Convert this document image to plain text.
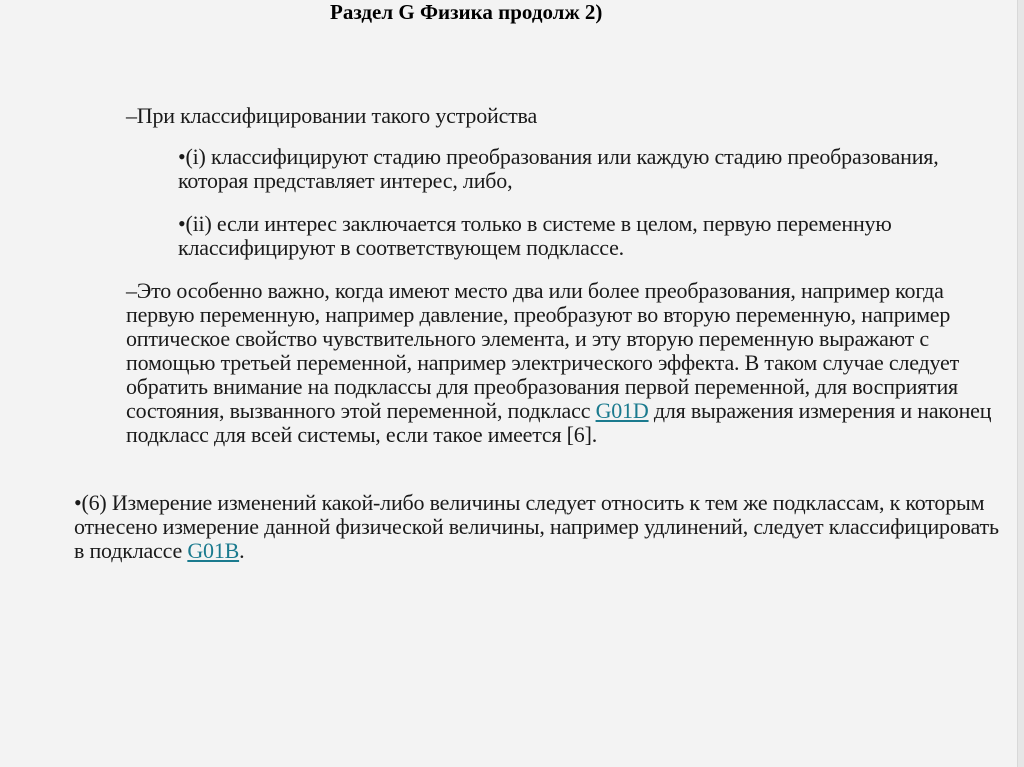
Раздел G Физика продолж 2)
–При классифицировании такого устройства
•(i) классифицируют стадию преобразования или каждую стадию преобразования, которая представляет интерес, либо,
•(ii) если интерес заключается только в системе в целом, первую переменную классифицируют в соответствующем подклассе.
–Это особенно важно, когда имеют место два или более преобразования, например когда первую переменную, например давление, преобразуют во вторую переменную, например оптическое свойство чувствительного элемента, и эту вторую переменную выражают с помощью третьей переменной, например электрического эффекта. В таком случае следует обратить внимание на подклассы для преобразования первой переменной, для восприятия состояния, вызванного этой переменной, подкласс G01D для выражения измерения и наконец подкласс для всей системы, если такое имеется [6].
•(6) Измерение изменений какой-либо величины следует относить к тем же подклассам, к которым отнесено измерение данной физической величины, например удлинений, следует классифицировать в подклассе G01B.
